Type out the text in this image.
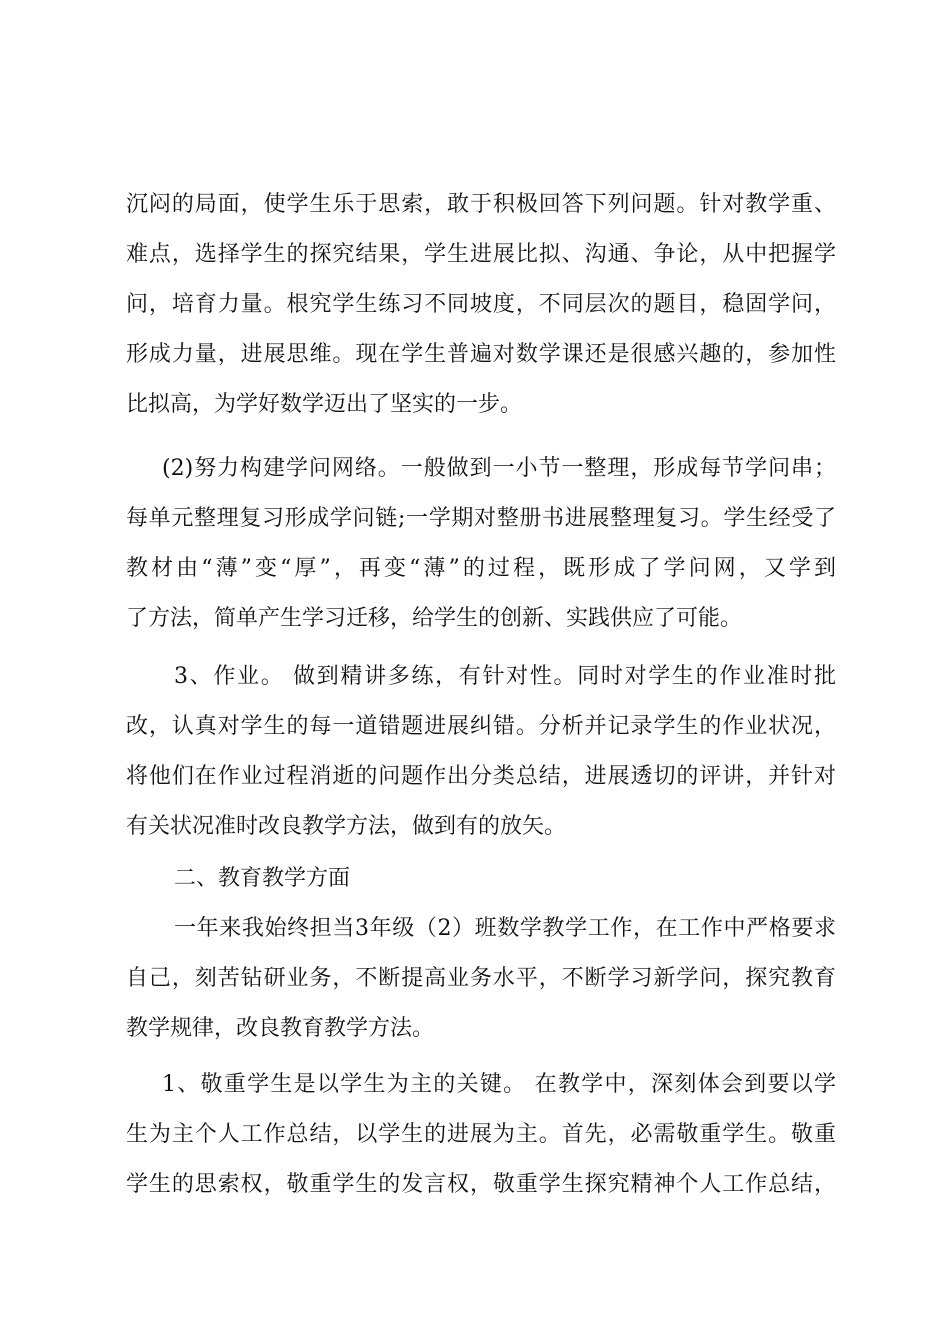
沉闷的局面，使学生乐于思索，敢于积极回答下列问题。针对教学重、
难点，选择学生的探究结果，学生进展比拟、沟通、争论，从中把握学
问，培育力量。根究学生练习不同坡度，不同层次的题目，稳固学问，
形成力量，进展思维。现在学生普遍对数学课还是很感兴趣的，参加性
比拟高，为学好数学迈出了坚实的一步。
(2)努力构建学问网络。一般做到一小节一整理，形成每节学问串；
每单元整理复习形成学问链;一学期对整册书进展整理复习。学生经受了
教材由“薄”变“厚”，再变“薄”的过程，既形成了学问网，又学到
了方法，简单产生学习迁移，给学生的创新、实践供应了可能。
3、作业。 做到精讲多练，有针对性。同时对学生的作业准时批
改，认真对学生的每一道错题进展纠错。分析并记录学生的作业状况，
将他们在作业过程消逝的问题作出分类总结，进展透切的评讲，并针对
有关状况准时改良教学方法，做到有的放矢。
二、教育教学方面
一年来我始终担当3年级（2）班数学教学工作，在工作中严格要求
自己，刻苦钻研业务，不断提高业务水平，不断学习新学问，探究教育
教学规律，改良教育教学方法。
1、敬重学生是以学生为主的关键。 在教学中，深刻体会到要以学
生为主个人工作总结，以学生的进展为主。首先，必需敬重学生。敬重
学生的思索权，敬重学生的发言权，敬重学生探究精神个人工作总结，
